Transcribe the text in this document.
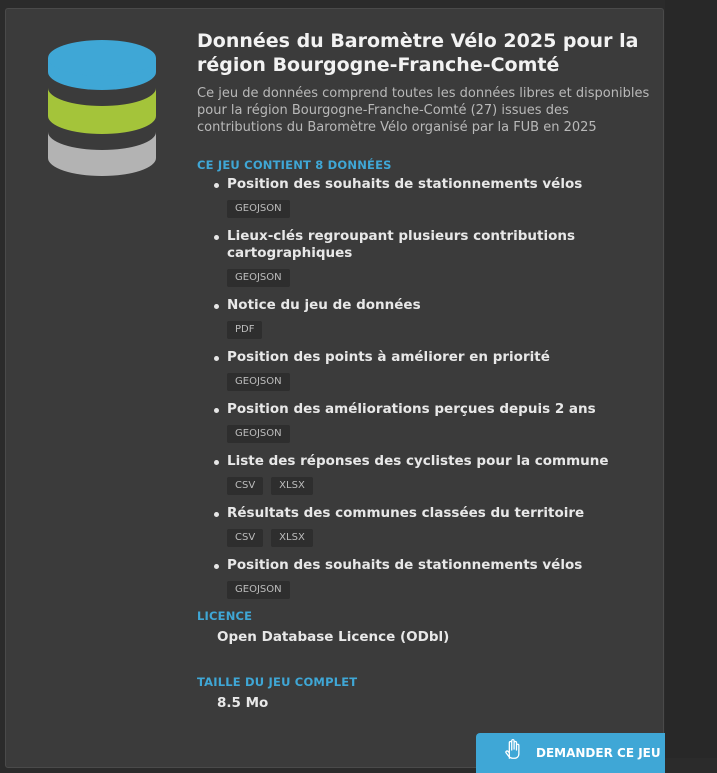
Données du Baromètre Vélo 2025 pour la région Bourgogne-Franche-Comté
Ce jeu de données comprend toutes les données libres et disponibles pour la région Bourgogne-Franche-Comté (27) issues des contributions du Baromètre Vélo organisé par la FUB en 2025
CE JEU CONTIENT 8 DONNÉES
Position des souhaits de stationnements vélos
GEOJSON
Lieux-clés regroupant plusieurs contributions cartographiques
GEOJSON
Notice du jeu de données
PDF
Position des points à améliorer en priorité
GEOJSON
Position des améliorations perçues depuis 2 ans
GEOJSON
Liste des réponses des cyclistes pour la commune
CSV XLSX
Résultats des communes classées du territoire
CSV XLSX
Position des souhaits de stationnements vélos
GEOJSON
LICENCE
Open Database Licence (ODbl)
TAILLE DU JEU COMPLET
8.5 Mo
DEMANDER CE JEU
